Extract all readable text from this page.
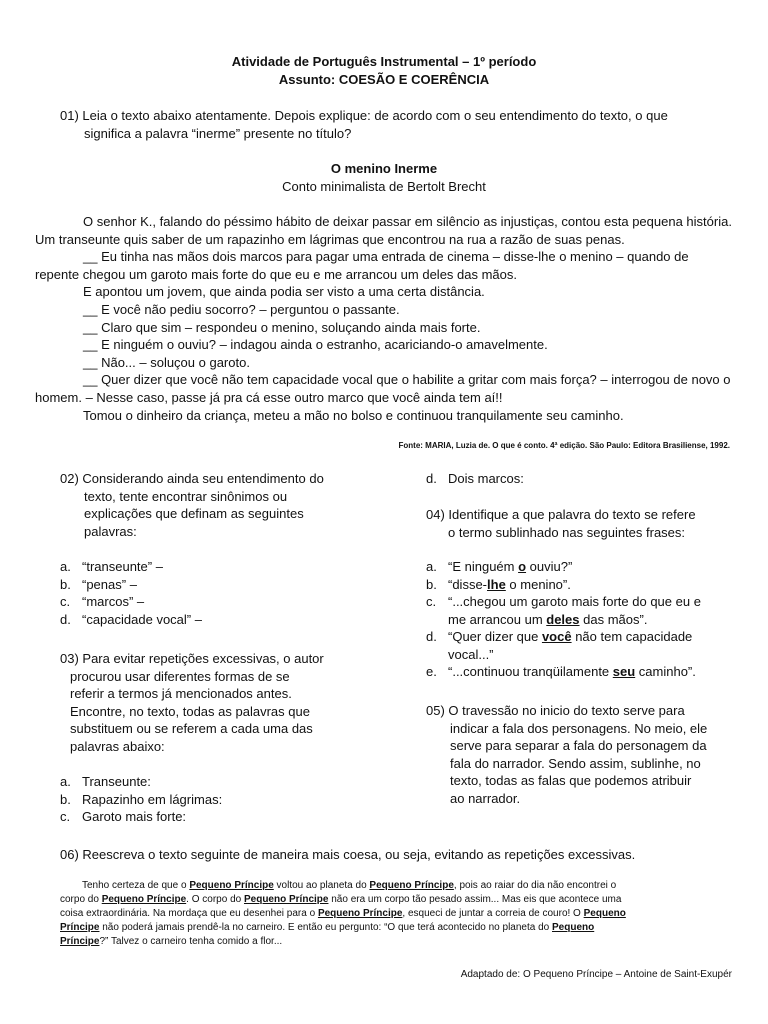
Atividade de Português Instrumental – 1º período
Assunto: COESÃO E COERÊNCIA
01) Leia o texto abaixo atentamente. Depois explique: de acordo com o seu entendimento do texto, o que
significa a palavra “inerme” presente no título?
O menino Inerme
Conto minimalista de Bertolt Brecht

O senhor K., falando do péssimo hábito de deixar passar em silêncio as injustiças, contou esta pequena história. Um transeunte quis saber de um rapazinho em lágrimas que encontrou na rua a razão de suas penas.

__ Eu tinha nas mãos dois marcos para pagar uma entrada de cinema – disse-lhe o menino – quando de repente chegou um garoto mais forte do que eu e me arrancou um deles das mãos.

E apontou um jovem, que ainda podia ser visto a uma certa distância.

__ E você não pediu socorro? – perguntou o passante.

__ Claro que sim – respondeu o menino, soluçando ainda mais forte.

__ E ninguém o ouviu? – indagou ainda o estranho, acariciando-o amavelmente.

__ Não... – soluçou o garoto.

__ Quer dizer que você não tem capacidade vocal que o habilite a gritar com mais força? – interrogou de novo o homem. – Nesse caso, passe já pra cá esse outro marco que você ainda tem aí!!

Tomou o dinheiro da criança, meteu a mão no bolso e continuou tranquilamente seu caminho.

Fonte: MARIA, Luzia de. O que é conto. 4ª edição. São Paulo: Editora Brasiliense, 1992.
02) Considerando ainda seu entendimento do
texto, tente encontrar sinônimos ou
explicações que definam as seguintes
palavras:
a. “transeunte” –
b. “penas” –
c. “marcos” –
d. “capacidade vocal” –
03) Para evitar repetições excessivas, o autor
procurou usar diferentes formas de se
referir a termos já mencionados antes.
Encontre, no texto, todas as palavras que
substituem ou se referem a cada uma das
palavras abaixo:
a. Transeunte:
b. Rapazinho em lágrimas:
c. Garoto mais forte:
d. Dois marcos:
04) Identifique a que palavra do texto se refere
o termo sublinhado nas seguintes frases:
a. “E ninguém o ouviu?”
b. “disse-lhe o menino”.
c. “...chegou um garoto mais forte do que eu e
me arrancou um deles das mãos”.
d. “Quer dizer que você não tem capacidade
vocal...”
e. “...continuou tranqüilamente seu caminho”.
05) O travessão no inicio do texto serve para
indicar a fala dos personagens. No meio, ele
serve para separar a fala do personagem da
fala do narrador. Sendo assim, sublinhe, no
texto, todas as falas que podemos atribuir
ao narrador.
06) Reescreva o texto seguinte de maneira mais coesa, ou seja, evitando as repetições excessivas.
Tenho certeza de que o Pequeno Príncipe voltou ao planeta do Pequeno Príncipe, pois ao raiar do dia não encontrei o
corpo do Pequeno Príncipe. O corpo do Pequeno Príncipe não era um corpo tão pesado assim... Mas eis que acontece uma
coisa extraordinária. Na mordaça que eu desenhei para o Pequeno Príncipe, esqueci de juntar a correia de couro! O Pequeno
Príncipe não poderá jamais prendê-la no carneiro. E então eu pergunto: “O que terá acontecido no planeta do Pequeno
Príncipe?” Talvez o carneiro tenha comido a flor...
Adaptado de: O Pequeno Príncipe – Antoine de Saint-Exupér
